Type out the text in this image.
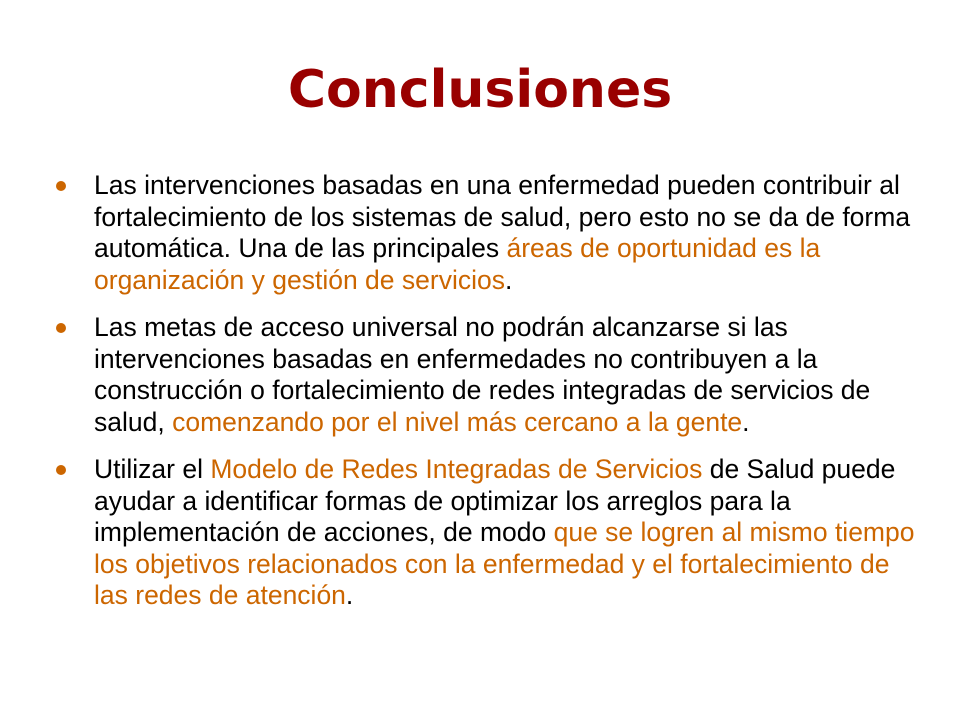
Conclusiones
Las intervenciones basadas en una enfermedad pueden contribuir al fortalecimiento de los sistemas de salud, pero esto no se da de forma automática. Una de las principales áreas de oportunidad es la organización y gestión de servicios.
Las metas de acceso universal no podrán alcanzarse si las intervenciones basadas en enfermedades no contribuyen a la construcción o fortalecimiento de redes integradas de servicios de salud, comenzando por el nivel más cercano a la gente.
Utilizar el Modelo de Redes Integradas de Servicios de Salud puede ayudar a identificar formas de optimizar los arreglos para la implementación de acciones, de modo que se logren al mismo tiempo los objetivos relacionados con la enfermedad y el fortalecimiento de las redes de atención.
